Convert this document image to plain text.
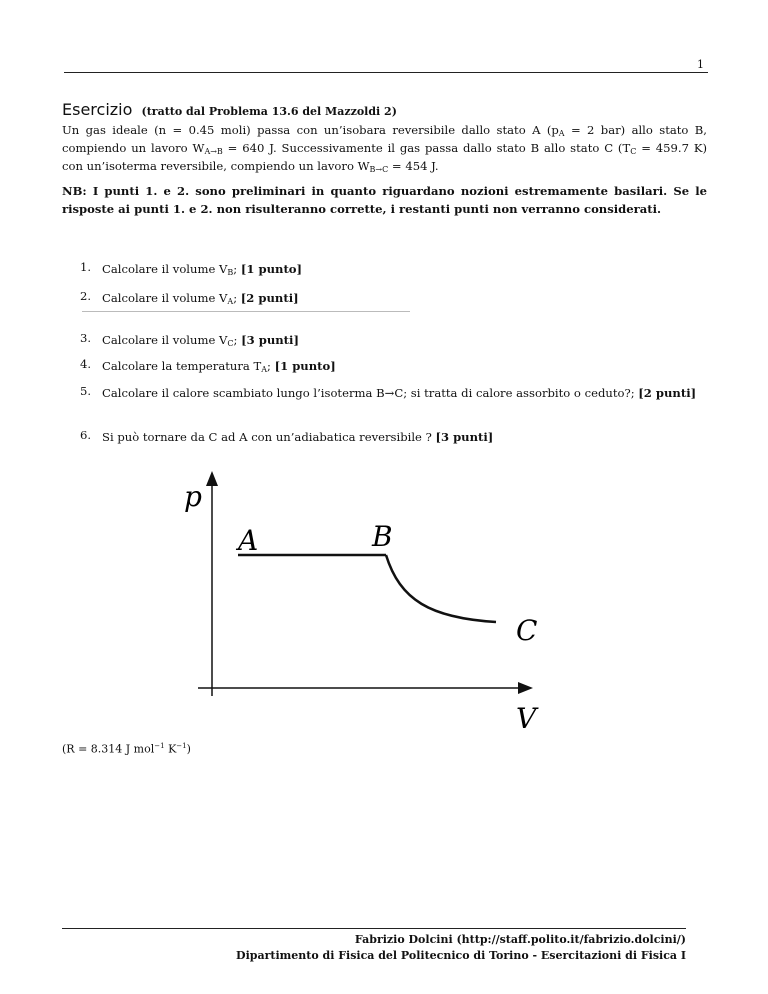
1
Esercizio (tratto dal Problema 13.6 del Mazzoldi 2)
Un gas ideale (n = 0.45 moli) passa con un’isobara reversibile dallo stato A ($p_A = 2$ bar) allo stato B, compiendo un lavoro $W_{A\to B} = 640$ J. Successivamente il gas passa dallo stato B allo stato C ($T_C = 459.7$ K) con un’isoterma reversibile, compiendo un lavoro $W_{B\to C} = 454$ J.
NB: I punti 1. e 2. sono preliminari in quanto riguardano nozioni estremamente basilari. Se le risposte ai punti 1. e 2. non risulteranno corrette, i restanti punti non verranno considerati.
1. Calcolare il volume $V_B$; [1 punto]
2. Calcolare il volume $V_A$; [2 punti]
3. Calcolare il volume $V_C$; [3 punti]
4. Calcolare la temperatura $T_A$; [1 punto]
5. Calcolare il calore scambiato lungo l’isoterma B→C; si tratta di calore assorbito o ceduto?; [2 punti]
6. Si può tornare da C ad A con un’adiabatica reversibile ? [3 punti]
p
V
A	B
C
(R = 8.314 J mol$^{-1}$ $K^{-1}$)
Fabrizio Dolcini (http://staff.polito.it/fabrizio.dolcini/)
Dipartimento di Fisica del Politecnico di Torino - Esercitazioni di Fisica I
